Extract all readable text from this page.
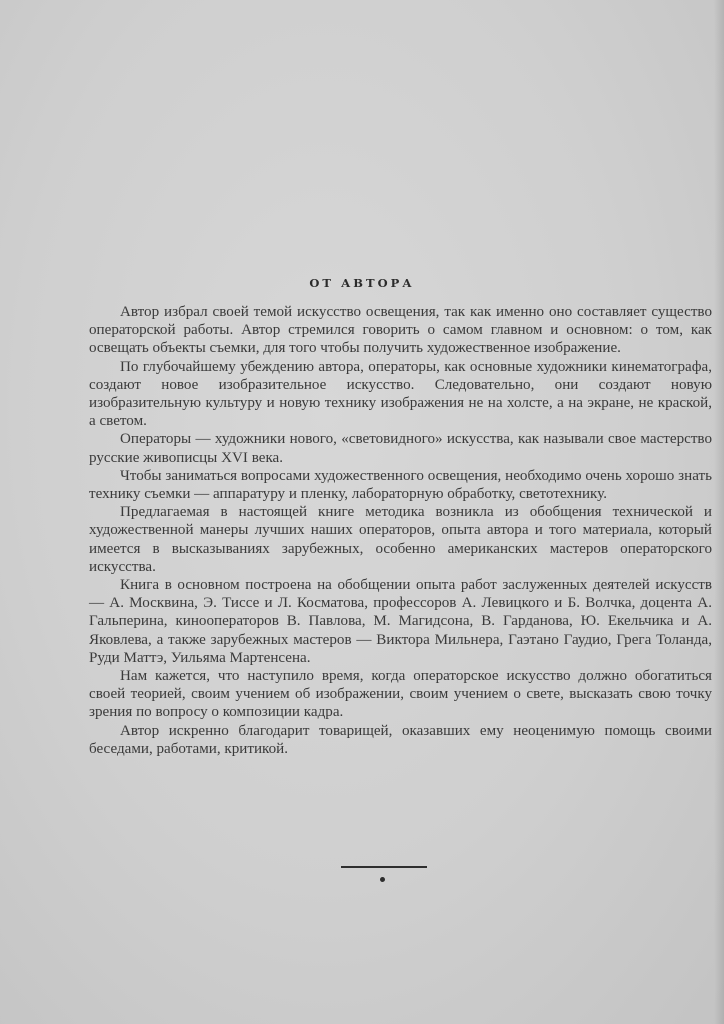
ОТ АВТОРА

Автор избрал своей темой искусство освещения, так как именно оно составляет существо операторской работы. Автор стремился говорить о самом главном и основном: о том, как освещать объекты съемки, для того чтобы получить художественное изображение.

По глубочайшему убеждению автора, операторы, как основные художники кинематографа, создают новое изобразительное искусство. Следовательно, они создают новую изобразительную культуру и новую технику изображения не на холсте, а на экране, не краской, а светом.

Операторы — художники нового, «световидного» искусства, как называли свое мастерство русские живописцы XVI века.

Чтобы заниматься вопросами художественного освещения, необходимо очень хорошо знать технику съемки — аппаратуру и пленку, лабораторную обработку, светотехнику.

Предлагаемая в настоящей книге методика возникла из обобщения технической и художественной манеры лучших наших операторов, опыта автора и того материала, который имеется в высказываниях зарубежных, особенно американских мастеров операторского искусства.

Книга в основном построена на обобщении опыта работ заслуженных деятелей искусств — А. Москвина, Э. Тиссе и Л. Косматова, профессоров А. Левицкого и Б. Волчка, доцента А. Гальперина, кинооператоров В. Павлова, М. Магидсона, В. Гарданова, Ю. Екельчика и А. Яковлева, а также зарубежных мастеров — Виктора Мильнера, Гаэтано Гаудио, Грега Толанда, Руди Маттэ, Уильяма Мартенсена.

Нам кажется, что наступило время, когда операторское искусство должно обогатиться своей теорией, своим учением об изображении, своим учением о свете, высказать свою точку зрения по вопросу о композиции кадра.

Автор искренно благодарит товарищей, оказавших ему неоценимую помощь своими беседами, работами, критикой.
